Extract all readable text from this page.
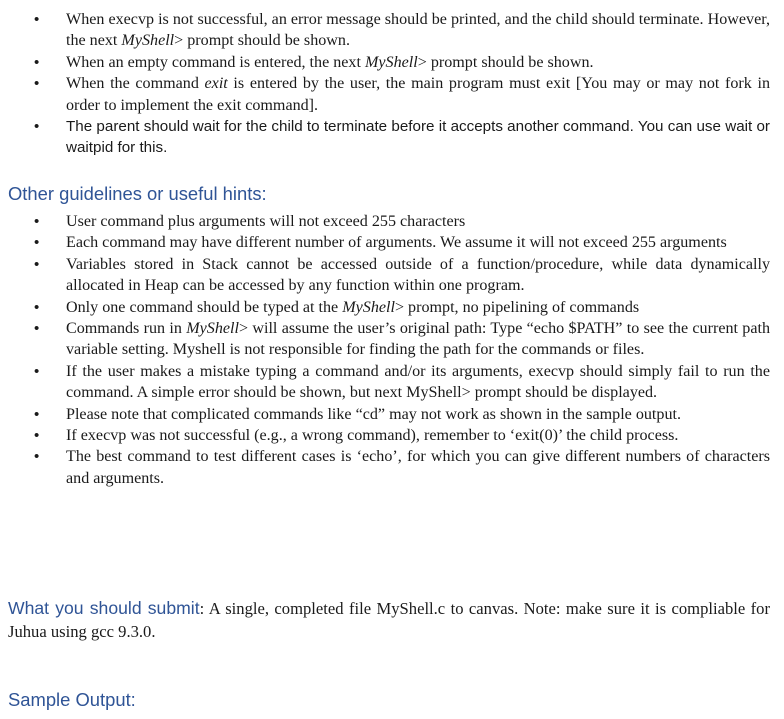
• When execvp is not successful, an error message should be printed, and the child should terminate. However, the next MyShell> prompt should be shown.
• When an empty command is entered, the next MyShell> prompt should be shown.
• When the command exit is entered by the user, the main program must exit [You may or may not fork in order to implement the exit command].
• The parent should wait for the child to terminate before it accepts another command. You can use wait or waitpid for this.
Other guidelines or useful hints:
• User command plus arguments will not exceed 255 characters
• Each command may have different number of arguments. We assume it will not exceed 255 arguments
• Variables stored in Stack cannot be accessed outside of a function/procedure, while data dynamically allocated in Heap can be accessed by any function within one program.
• Only one command should be typed at the MyShell> prompt, no pipelining of commands
• Commands run in MyShell> will assume the user’s original path: Type “echo $PATH” to see the current path variable setting. Myshell is not responsible for finding the path for the commands or files.
• If the user makes a mistake typing a command and/or its arguments, execvp should simply fail to run the command. A simple error should be shown, but next MyShell> prompt should be displayed.
• Please note that complicated commands like “cd” may not work as shown in the sample output.
• If execvp was not successful (e.g., a wrong command), remember to ‘exit(0)’ the child process.
• The best command to test different cases is ‘echo’, for which you can give different numbers of characters and arguments.

What you should submit: A single, completed file MyShell.c to canvas. Note: make sure it is compliable for Juhua using gcc 9.3.0.

Sample Output:
